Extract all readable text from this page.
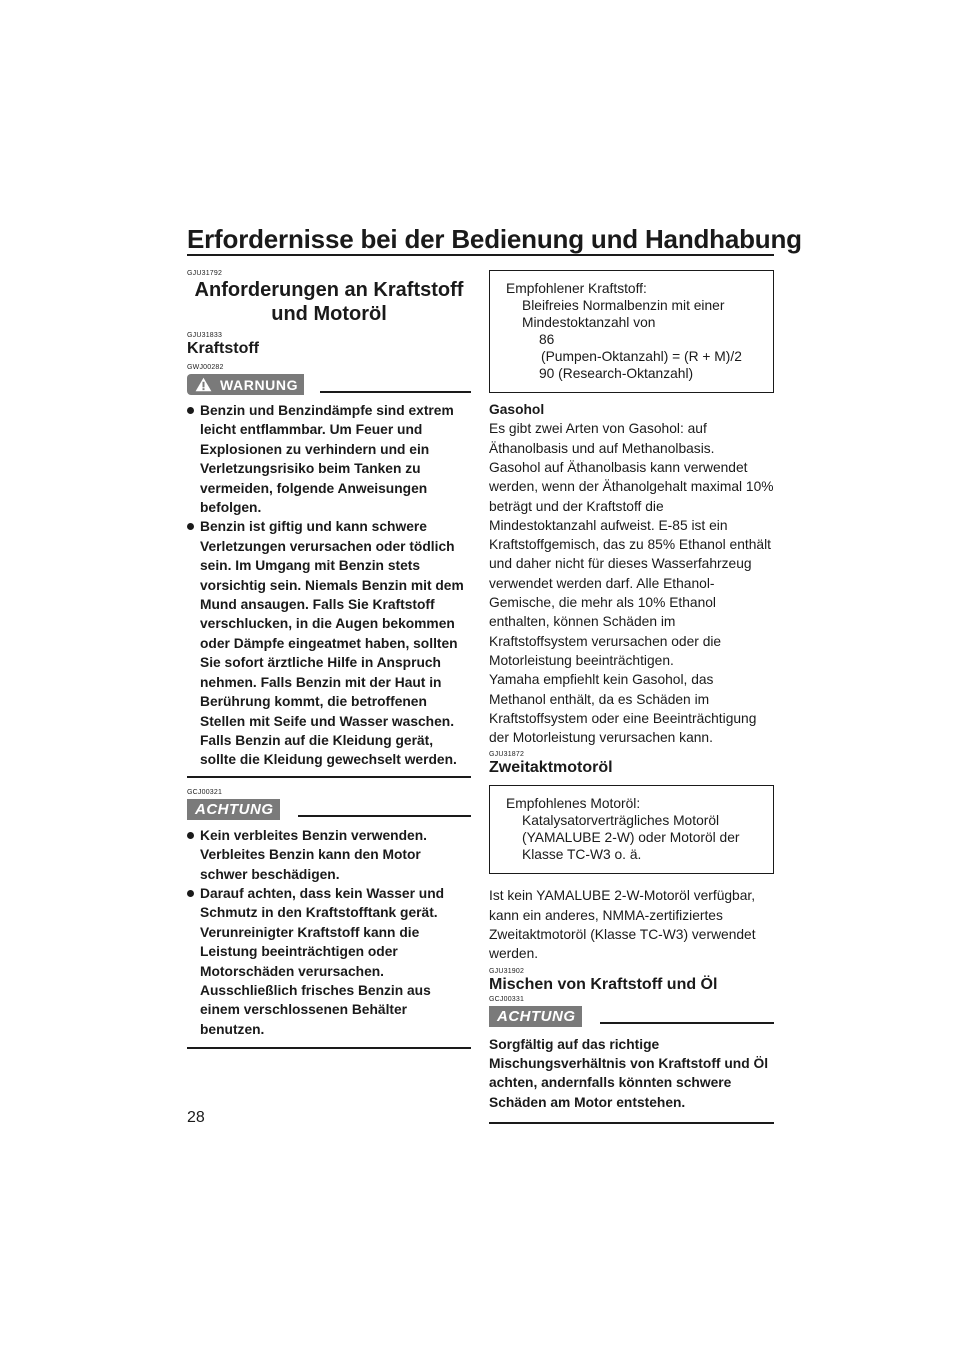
Erfordernisse bei der Bedienung und Handhabung
GJU31792
Anforderungen an Kraftstoff
und Motoröl
GJU31833
Kraftstoff
GWJ00282
WARNUNG
Benzin und Benzindämpfe sind extrem leicht entflammbar. Um Feuer und Explosionen zu verhindern und ein Verletzungsrisiko beim Tanken zu vermeiden, folgende Anweisungen befolgen.
Benzin ist giftig und kann schwere Verletzungen verursachen oder tödlich sein. Im Umgang mit Benzin stets vorsichtig sein. Niemals Benzin mit dem Mund ansaugen. Falls Sie Kraftstoff verschlucken, in die Augen bekommen oder Dämpfe eingeatmet haben, sollten Sie sofort ärztliche Hilfe in Anspruch nehmen. Falls Benzin mit der Haut in Berührung kommt, die betroffenen Stellen mit Seife und Wasser waschen. Falls Benzin auf die Kleidung gerät, sollte die Kleidung gewechselt werden.
GCJ00321
ACHTUNG
Kein verbleites Benzin verwenden. Verbleites Benzin kann den Motor schwer beschädigen.
Darauf achten, dass kein Wasser und Schmutz in den Kraftstofftank gerät. Verunreinigter Kraftstoff kann die Leistung beeinträchtigen oder Motorschäden verursachen. Ausschließlich frisches Benzin aus einem verschlossenen Behälter benutzen.
Empfohlener Kraftstoff:
Bleifreies Normalbenzin mit einer Mindestoktanzahl von
86
(Pumpen-Oktanzahl) = (R + M)/2
90 (Research-Oktanzahl)
Gasohol

Es gibt zwei Arten von Gasohol: auf Äthanolbasis und auf Methanolbasis.

Gasohol auf Äthanolbasis kann verwendet werden, wenn der Äthanolgehalt maximal 10% beträgt und der Kraftstoff die Mindestoktanzahl aufweist. E-85 ist ein Kraftstoffgemisch, das zu 85% Ethanol enthält und daher nicht für dieses Wasserfahrzeug verwendet werden darf. Alle Ethanol-Gemische, die mehr als 10% Ethanol enthalten, können Schäden im Kraftstoffsystem verursachen oder die Motorleistung beeinträchtigen.

Yamaha empfiehlt kein Gasohol, das Methanol enthält, da es Schäden im Kraftstoffsystem oder eine Beeinträchtigung der Motorleistung verursachen kann.

GJU31872
Zweitaktmotoröl
Empfohlenes Motoröl:
Katalysatorverträgliches Motoröl (YAMALUBE 2-W) oder Motoröl der Klasse TC-W3 o. ä.

Ist kein YAMALUBE 2-W-Motoröl verfügbar, kann ein anderes, NMMA-zertifiziertes Zweitaktmotoröl (Klasse TC-W3) verwendet werden.

GJU31902
Mischen von Kraftstoff und Öl
GCJ00331
ACHTUNG

Sorgfältig auf das richtige Mischungsverhältnis von Kraftstoff und Öl achten, andernfalls könnten schwere Schäden am Motor entstehen.

28
